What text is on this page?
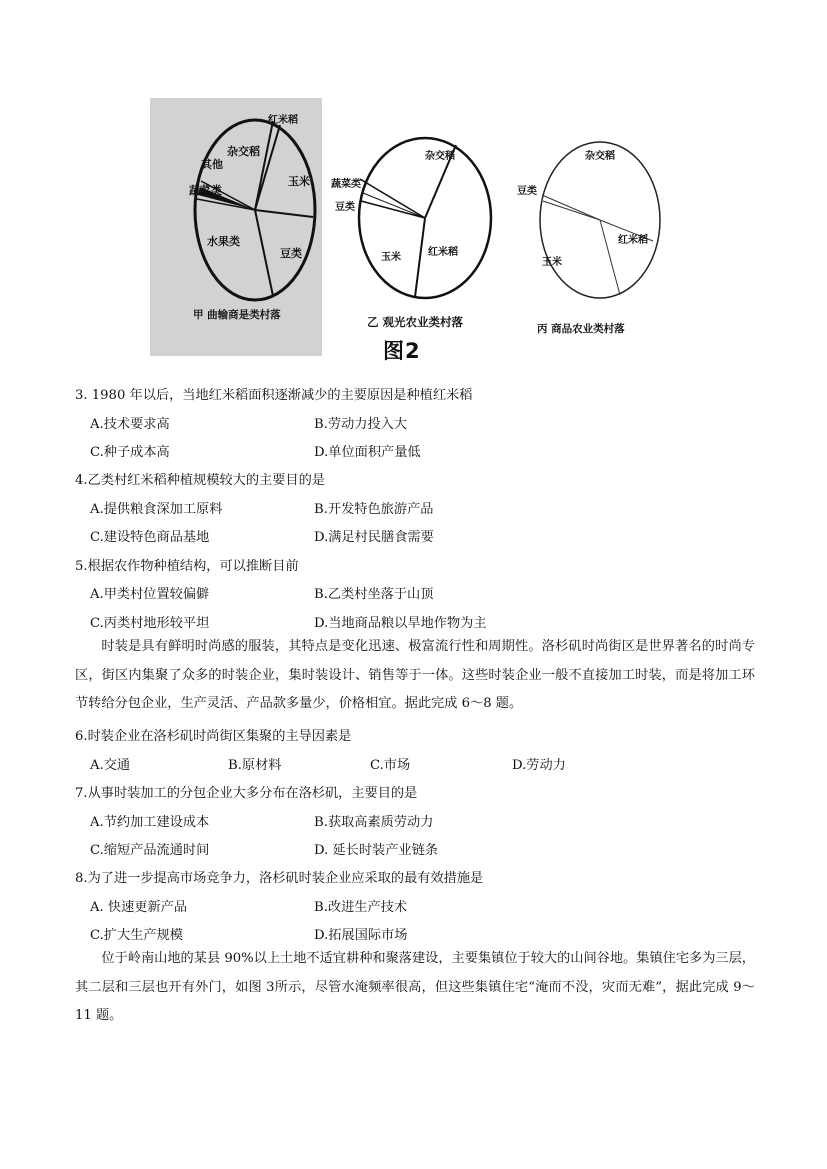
红米稻
杂交稻
玉米
其他
蔬菜类
水果类
豆类
甲 曲输商是类村落
杂交稻
蔬菜类
豆类
玉米	红米稻
乙 观光农业类村落
杂交稻
豆类
红米稻
玉米
丙 商品农业类村落
图2
3. 1980 年以后，当地红米稻面积逐渐减少的主要原因是种植红米稻
A.技术要求高	B.劳动力投入大
C.种子成本高	D.单位面积产量低
4.乙类村红米稻种植规模较大的主要目的是
A.提供粮食深加工原料	B.开发特色旅游产品
C.建设特色商品基地	D.满足村民膳食需要
5.根据农作物种植结构，可以推断目前
A.甲类村位置较偏僻	B.乙类村坐落于山顶
C.丙类村地形较平坦	D.当地商品粮以旱地作物为主
时装是具有鲜明时尚感的服装，其特点是变化迅速、极富流行性和周期性。洛杉矶时尚街区是世界著名的时尚专区，街区内集聚了众多的时装企业，集时装设计、销售等于一体。这些时装企业一般不直接加工时装，而是将加工环节转给分包企业，生产灵活、产品款多量少，价格相宜。据此完成 6～8 题。
6.时装企业在洛杉矶时尚街区集聚的主导因素是
A.交通	B.原材料	C.市场	D.劳动力
7.从事时装加工的分包企业大多分布在洛杉矶，主要目的是
A.节约加工建设成本	B.获取高素质劳动力
C.缩短产品流通时间	D. 延长时装产业链条
8.为了进一步提高市场竞争力，洛杉矶时装企业应采取的最有效措施是
A. 快速更新产品	B.改进生产技术
C.扩大生产规模	D.拓展国际市场
位于岭南山地的某县 90%以上土地不适宜耕种和聚落建设，主要集镇位于较大的山间谷地。集镇住宅多为三层，其二层和三层也开有外门，如图 3所示，尽管水淹频率很高，但这些集镇住宅“淹而不没，灾而无难”，据此完成 9～11 题。
